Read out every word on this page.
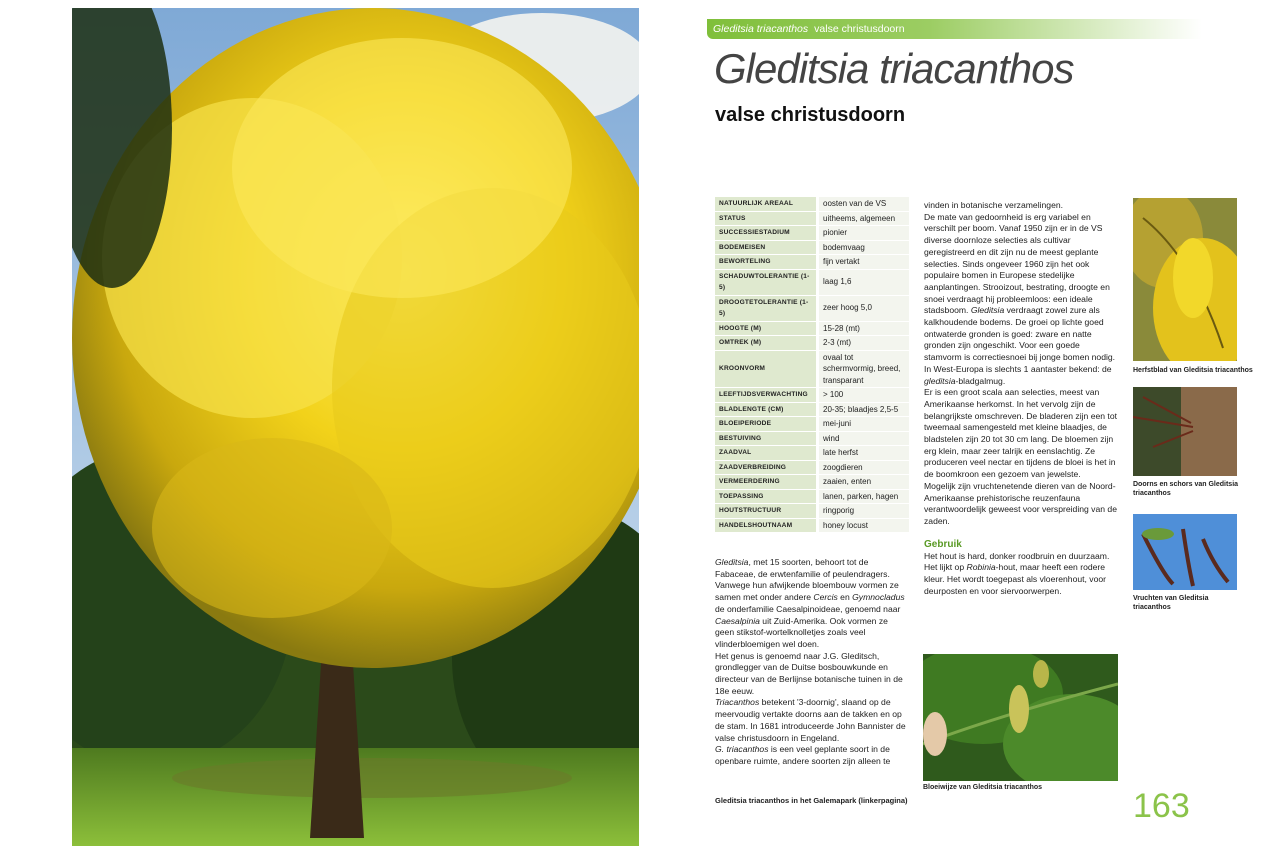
Gleditsia triacanthos in het Galemapark (linkerpagina)
Gleditsia triacanthos valse christusdoorn
Gleditsia triacanthos
valse christusdoorn
NATUURLIJK AREAAL	oosten van de VS
STATUS	uitheems, algemeen
SUCCESSIESTADIUM	pionier
BODEMEISEN	bodemvaag
BEWORTELING	fijn vertakt
SCHADUWTOLERANTIE (1-5)	laag 1,6
DROOGTETOLERANTIE (1-5)	zeer hoog 5,0
HOOGTE (M)	15-28 (mt)
OMTREK (M)	2-3 (mt)
KROONVORM	ovaal tot schermvormig, breed, transparant
LEEFTIJDSVERWACHTING	> 100
BLADLENGTE (CM)	20-35; blaadjes 2,5-5
BLOEIPERIODE	mei-juni
BESTUIVING	wind
ZAADVAL	late herfst
ZAADVERBREIDING	zoogdieren
VERMEERDERING	zaaien, enten
TOEPASSING	lanen, parken, hagen
HOUTSTRUCTUUR	ringporig
HANDELSHOUTNAAM	honey locust

Gleditsia, met 15 soorten, behoort tot de Fabaceae, de erwtenfamilie of peulendragers. Vanwege hun afwijkende bloembouw vormen ze samen met onder andere Cercis en Gymnocladus de onderfamilie Caesalpinoideae, genoemd naar Caesalpinia uit Zuid-Amerika. Ook vormen ze geen stikstof-wortelknolletjes zoals veel vlinderbloemigen wel doen.

Het genus is genoemd naar J.G. Gleditsch, grondlegger van de Duitse bosbouwkunde en directeur van de Berlijnse botanische tuinen in de 18e eeuw.

Triacanthos betekent '3-doornig', slaand op de meervoudig vertakte doorns aan de takken en op de stam. In 1681 introduceerde John Bannister de valse christusdoorn in Engeland.

G. triacanthos is een veel geplante soort in de openbare ruimte, andere soorten zijn alleen te

vinden in botanische verzamelingen.

De mate van gedoornheid is erg variabel en verschilt per boom. Vanaf 1950 zijn er in de VS diverse doornloze selecties als cultivar geregistreerd en dit zijn nu de meest geplante selecties. Sinds ongeveer 1960 zijn het ook populaire bomen in Europese stedelijke aanplantingen. Strooizout, bestrating, droogte en snoei verdraagt hij probleemloos: een ideale stadsboom. Gleditsia verdraagt zowel zure als kalkhoudende bodems. De groei op lichte goed ontwaterde gronden is goed: zware en natte gronden zijn ongeschikt. Voor een goede stamvorm is correctiesnoei bij jonge bomen nodig.

In West-Europa is slechts 1 aantaster bekend: de gleditsia-bladgalmug.

Er is een groot scala aan selecties, meest van Amerikaanse herkomst. In het vervolg zijn de belangrijkste omschreven. De bladeren zijn een tot tweemaal samengesteld met kleine blaadjes, de bladstelen zijn 20 tot 30 cm lang. De bloemen zijn erg klein, maar zeer talrijk en eenslachtig. Ze produceren veel nectar en tijdens de bloei is het in de boomkroon een gezoem van jewelste.

Mogelijk zijn vruchtenetende dieren van de Noord-Amerikaanse prehistorische reuzenfauna verantwoordelijk geweest voor verspreiding van de zaden.

Gebruik

Het hout is hard, donker roodbruin en duurzaam. Het lijkt op Robinia-hout, maar heeft een rodere kleur. Het wordt toegepast als vloerenhout, voor deurposten en voor siervoorwerpen.

Bloeiwijze van Gleditsia triacanthos
Herfstblad van Gleditsia triacanthos
Doorns en schors van Gleditsia triacanthos
Vruchten van Gleditsia triacanthos
163
